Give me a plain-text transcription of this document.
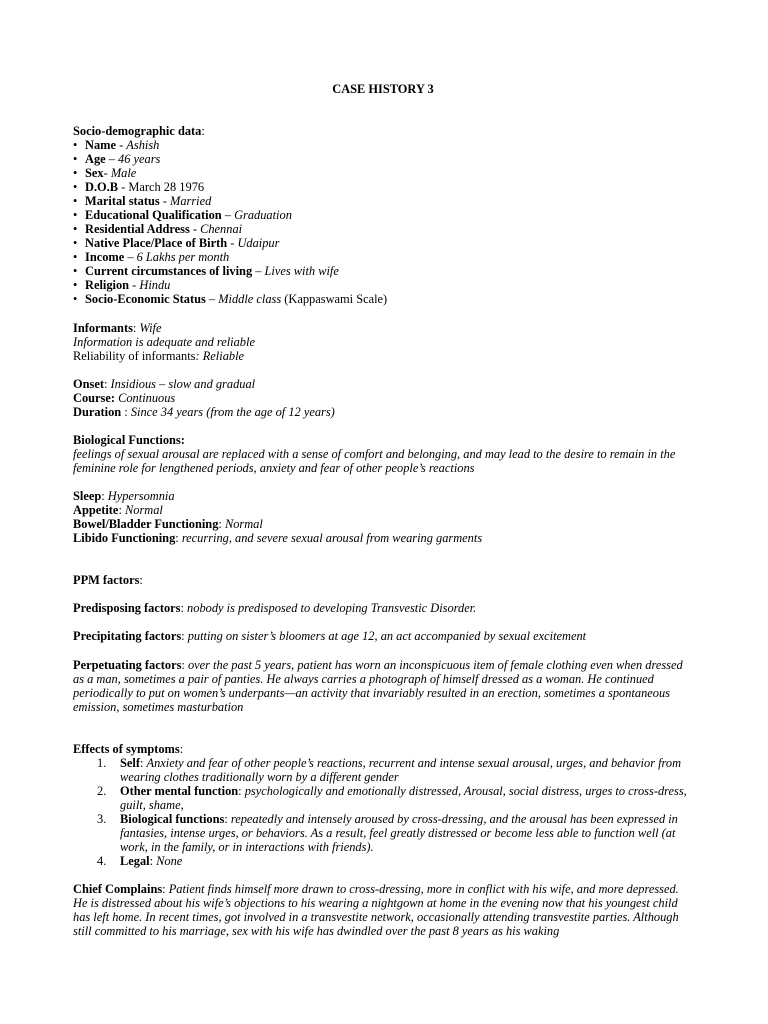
CASE HISTORY 3
Socio-demographic data:
• Name - Ashish
• Age – 46 years
• Sex- Male
• D.O.B - March 28 1976
• Marital status - Married
• Educational Qualification – Graduation
• Residential Address - Chennai
• Native Place/Place of Birth - Udaipur
• Income – 6 Lakhs per month
• Current circumstances of living – Lives with wife
• Religion - Hindu
• Socio-Economic Status – Middle class (Kappaswami Scale)
Informants: Wife
Information is adequate and reliable
Reliability of informants: Reliable
Onset: Insidious – slow and gradual
Course: Continuous
Duration : Since 34 years (from the age of 12 years)
Biological Functions:
feelings of sexual arousal are replaced with a sense of comfort and belonging, and may lead to the desire to remain in the feminine role for lengthened periods, anxiety and fear of other people’s reactions
Sleep: Hypersomnia
Appetite: Normal
Bowel/Bladder Functioning: Normal
Libido Functioning: recurring, and severe sexual arousal from wearing garments
PPM factors:
Predisposing factors: nobody is predisposed to developing Transvestic Disorder.
Precipitating factors: putting on sister’s bloomers at age 12, an act accompanied by sexual excitement
Perpetuating factors: over the past 5 years, patient has worn an inconspicuous item of female clothing even when dressed as a man, sometimes a pair of panties. He always carries a photograph of himself dressed as a woman. He continued periodically to put on women’s underpants—an activity that invariably resulted in an erection, sometimes a spontaneous emission, sometimes masturbation
Effects of symptoms:
1. Self: Anxiety and fear of other people’s reactions, recurrent and intense sexual arousal, urges, and behavior from wearing clothes traditionally worn by a different gender
2. Other mental function: psychologically and emotionally distressed, Arousal, social distress, urges to cross-dress, guilt, shame,
3. Biological functions: repeatedly and intensely aroused by cross-dressing, and the arousal has been expressed in fantasies, intense urges, or behaviors. As a result, feel greatly distressed or become less able to function well (at work, in the family, or in interactions with friends).
4. Legal: None
Chief Complains: Patient finds himself more drawn to cross-dressing, more in conflict with his wife, and more depressed. He is distressed about his wife’s objections to his wearing a nightgown at home in the evening now that his youngest child has left home. In recent times, got involved in a transvestite network, occasionally attending transvestite parties. Although still committed to his marriage, sex with his wife has dwindled over the past 8 years as his waking
